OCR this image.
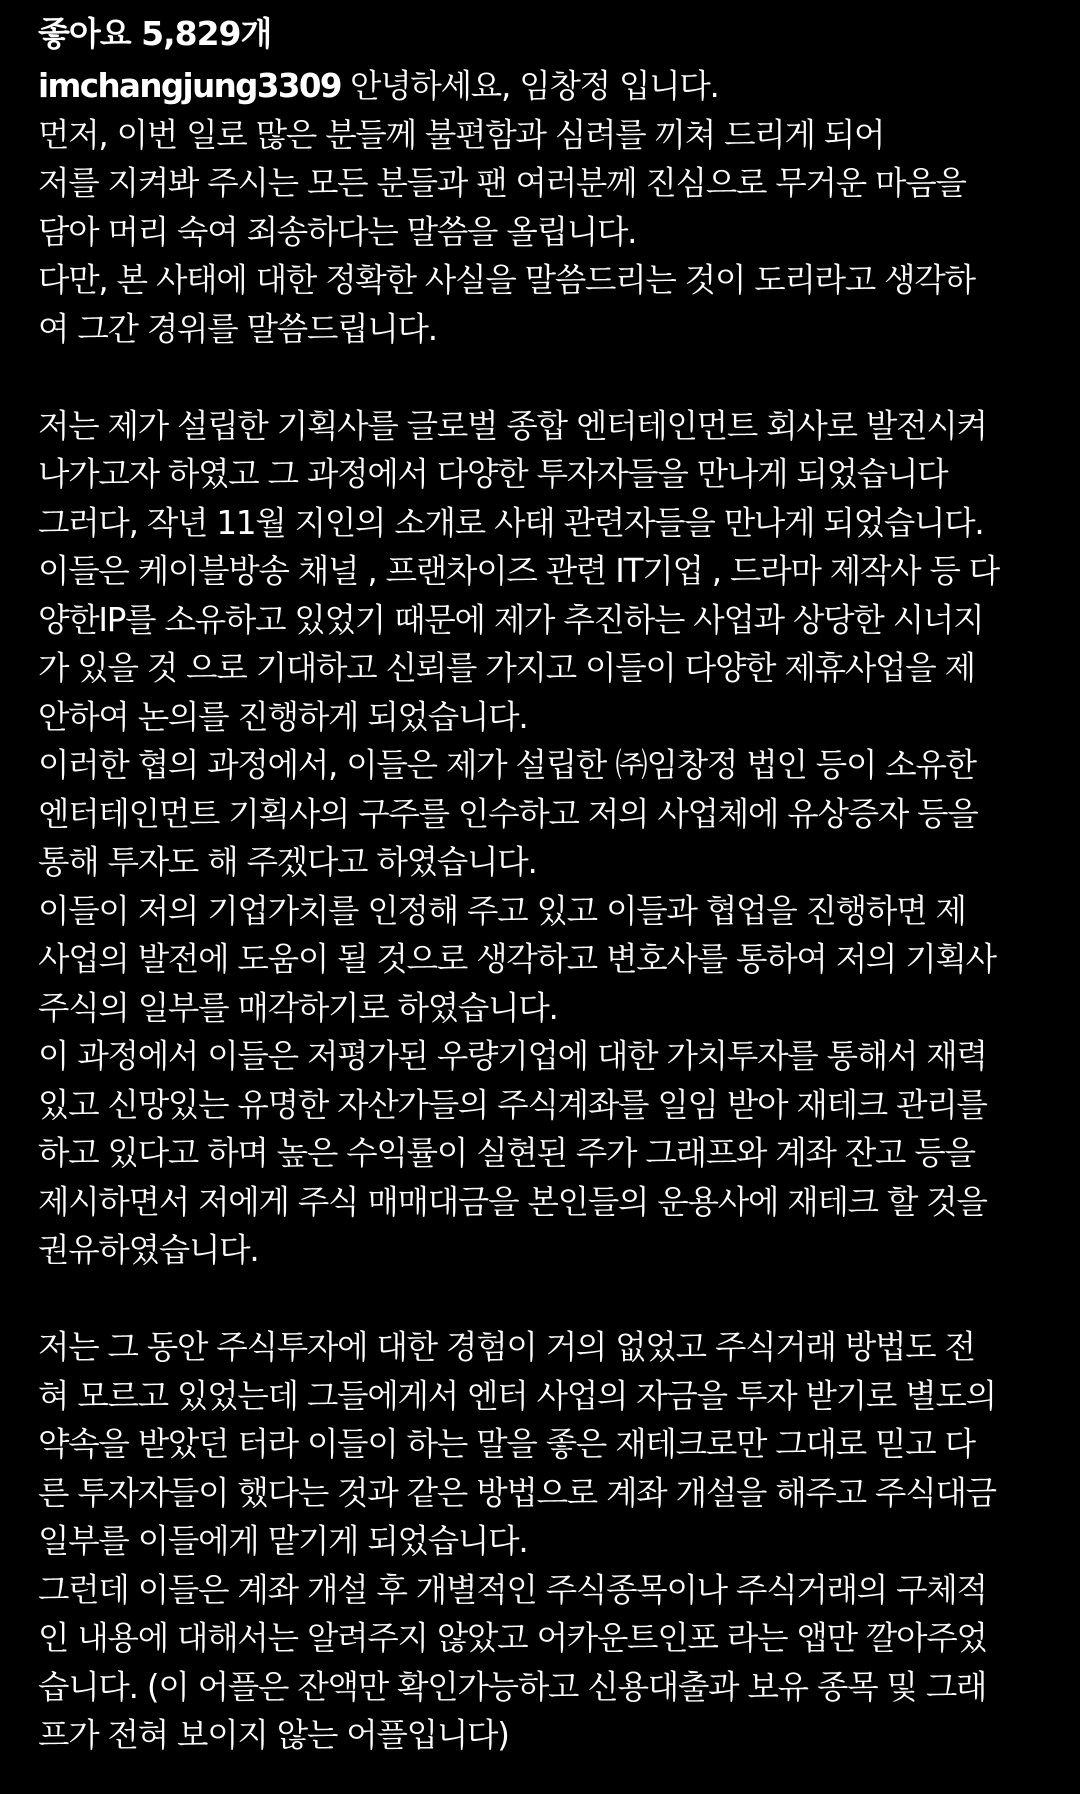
좋아요 5,829개
imchangjung3309 안녕하세요, 임창정 입니다.
먼저, 이번 일로 많은 분들께 불편함과 심려를 끼쳐 드리게 되어
저를 지켜봐 주시는 모든 분들과 팬 여러분께 진심으로 무거운 마음을
담아 머리 숙여 죄송하다는 말씀을 올립니다.
다만, 본 사태에 대한 정확한 사실을 말씀드리는 것이 도리라고 생각하
여 그간 경위를 말씀드립니다.
저는 제가 설립한 기획사를 글로벌 종합 엔터테인먼트 회사로 발전시켜
나가고자 하였고 그 과정에서 다양한 투자자들을 만나게 되었습니다
그러다, 작년 11월 지인의 소개로 사태 관련자들을 만나게 되었습니다.
이들은 케이블방송 채널 , 프랜차이즈 관련 IT기업 , 드라마 제작사 등 다
양한IP를 소유하고 있었기 때문에 제가 추진하는 사업과 상당한 시너지
가 있을 것 으로 기대하고 신뢰를 가지고 이들이 다양한 제휴사업을 제
안하여 논의를 진행하게 되었습니다.
이러한 협의 과정에서, 이들은 제가 설립한 ㈜임창정 법인 등이 소유한
엔터테인먼트 기획사의 구주를 인수하고 저의 사업체에 유상증자 등을
통해 투자도 해 주겠다고 하였습니다.
이들이 저의 기업가치를 인정해 주고 있고 이들과 협업을 진행하면 제
사업의 발전에 도움이 될 것으로 생각하고 변호사를 통하여 저의 기획사
주식의 일부를 매각하기로 하였습니다.
이 과정에서 이들은 저평가된 우량기업에 대한 가치투자를 통해서 재력
있고 신망있는 유명한 자산가들의 주식계좌를 일임 받아 재테크 관리를
하고 있다고 하며 높은 수익률이 실현된 주가 그래프와 계좌 잔고 등을
제시하면서 저에게 주식 매매대금을 본인들의 운용사에 재테크 할 것을
권유하였습니다.
저는 그 동안 주식투자에 대한 경험이 거의 없었고 주식거래 방법도 전
혀 모르고 있었는데 그들에게서 엔터 사업의 자금을 투자 받기로 별도의
약속을 받았던 터라 이들이 하는 말을 좋은 재테크로만 그대로 믿고 다
른 투자자들이 했다는 것과 같은 방법으로 계좌 개설을 해주고 주식대금
일부를 이들에게 맡기게 되었습니다.
그런데 이들은 계좌 개설 후 개별적인 주식종목이나 주식거래의 구체적
인 내용에 대해서는 알려주지 않았고 어카운트인포 라는 앱만 깔아주었
습니다. (이 어플은 잔액만 확인가능하고 신용대출과 보유 종목 및 그래
프가 전혀 보이지 않는 어플입니다)
